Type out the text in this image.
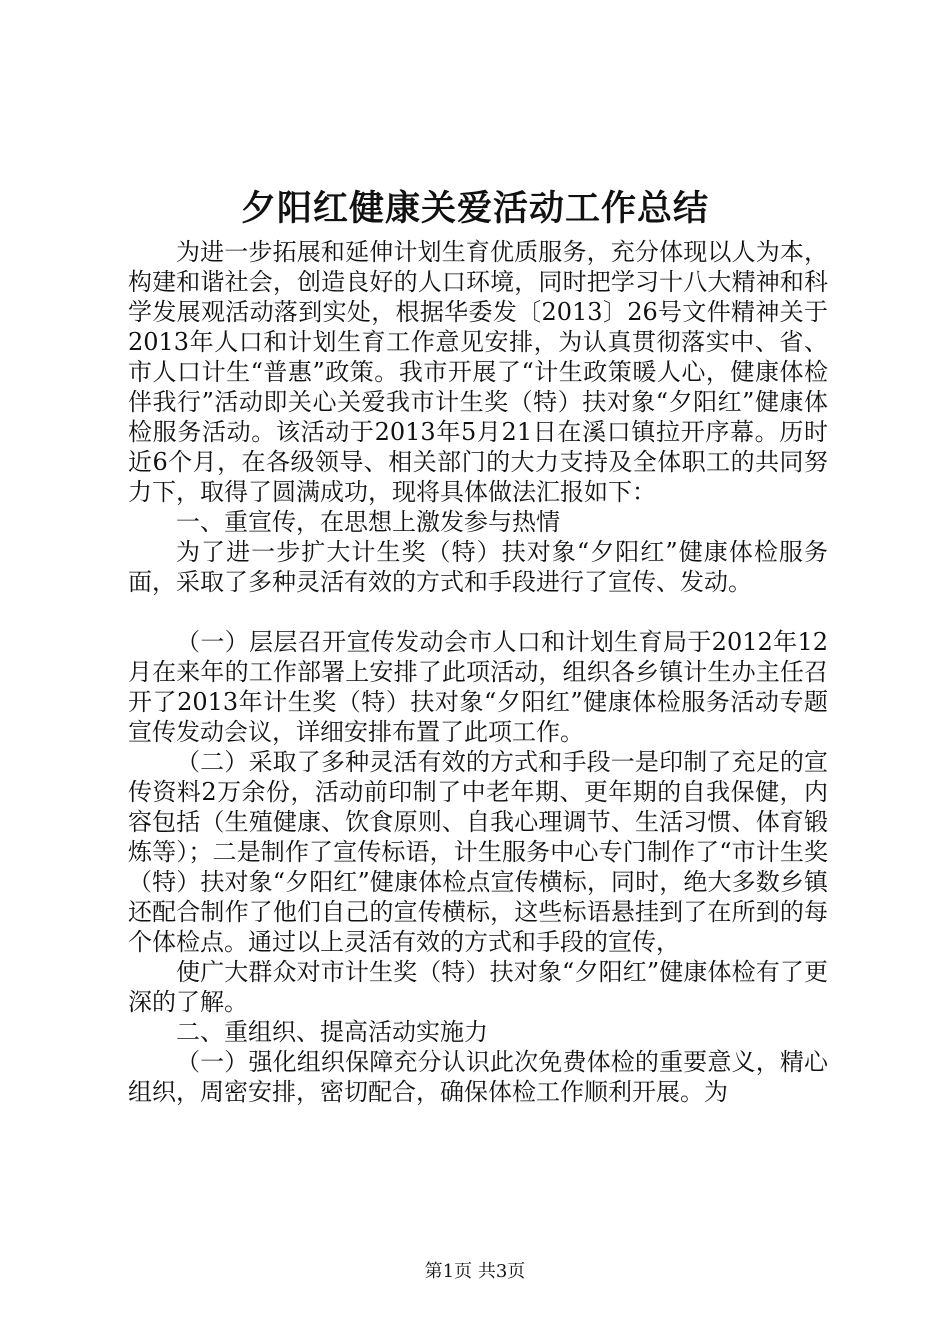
夕阳红健康关爱活动工作总结

为进一步拓展和延伸计划生育优质服务，充分体现以人为本，构建和谐社会，创造良好的人口环境，同时把学习十八大精神和科学发展观活动落到实处，根据华委发〔2013〕26号文件精神关于2013年人口和计划生育工作意见安排，为认真贯彻落实中、省、市人口计生“普惠”政策。我市开展了“计生政策暖人心，健康体检伴我行”活动即关心关爱我市计生奖（特）扶对象“夕阳红”健康体检服务活动。该活动于2013年5月21日在溪口镇拉开序幕。历时近6个月，在各级领导、相关部门的大力支持及全体职工的共同努力下，取得了圆满成功，现将具体做法汇报如下：

一、重宣传，在思想上激发参与热情

为了进一步扩大计生奖（特）扶对象“夕阳红”健康体检服务面，采取了多种灵活有效的方式和手段进行了宣传、发动。

（一）层层召开宣传发动会市人口和计划生育局于2012年12月在来年的工作部署上安排了此项活动，组织各乡镇计生办主任召开了2013年计生奖（特）扶对象“夕阳红”健康体检服务活动专题宣传发动会议，详细安排布置了此项工作。

（二）采取了多种灵活有效的方式和手段一是印制了充足的宣传资料2万余份，活动前印制了中老年期、更年期的自我保健，内容包括（生殖健康、饮食原则、自我心理调节、生活习惯、体育锻炼等）；二是制作了宣传标语，计生服务中心专门制作了“市计生奖（特）扶对象“夕阳红”健康体检点宣传横标，同时，绝大多数乡镇还配合制作了他们自己的宣传横标，这些标语悬挂到了在所到的每个体检点。通过以上灵活有效的方式和手段的宣传，

使广大群众对市计生奖（特）扶对象“夕阳红”健康体检有了更深的了解。

二、重组织、提高活动实施力

（一）强化组织保障充分认识此次免费体检的重要意义，精心组织，周密安排，密切配合，确保体检工作顺利开展。为

第1页 共3页
